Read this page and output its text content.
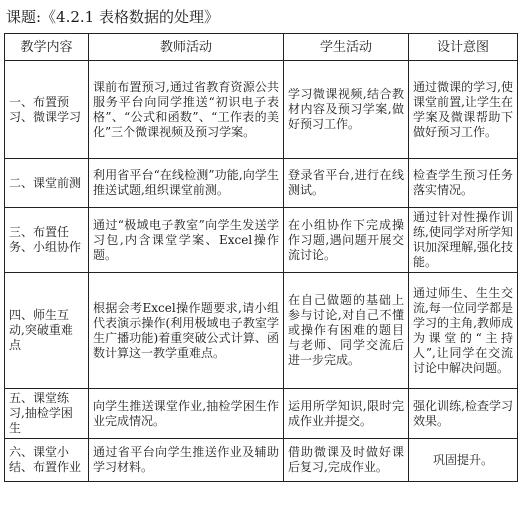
课题:《4.2.1 表格数据的处理》
教学内容	教师活动	学生活动	设计意图
一、布置预习、微课学习	课前布置预习,通过省教育资源公共服务平台向同学推送“初识电子表格”、“公式和函数”、“工作表的美化”三个微课视频及预习学案。	学习微课视频,结合教材内容及预习学案,做好预习工作。	通过微课的学习,使课堂前置,让学生在学案及微课帮助下做好预习工作。
二、课堂前测	利用省平台“在线检测”功能,向学生推送试题,组织课堂前测。	登录省平台,进行在线测试。	检查学生预习任务落实情况。
三、布置任务、小组协作	通过“极域电子教室”向学生发送学习包,内含课堂学案、Excel操作题。	在小组协作下完成操作习题,遇问题开展交流讨论。	通过针对性操作训练,使同学对所学知识加深理解,强化技能。
四、师生互动,突破重难点	根据会考Excel操作题要求,请小组代表演示操作(利用极域电子教室学生广播功能)着重突破公式计算、函数计算这一教学重难点。	在自己做题的基础上参与讨论,对自己不懂或操作有困难的题目与老师、同学交流后进一步完成。	通过师生、生生交流,每一位同学都是学习的主角,教师成为课堂的“主持人”,让同学在交流讨论中解决问题。
五、课堂练习,抽检学困生	向学生推送课堂作业,抽检学困生作业完成情况。	运用所学知识,限时完成作业并提交。	强化训练,检查学习效果。
六、课堂小结、布置作业	通过省平台向学生推送作业及辅助学习材料。	借助微课及时做好课后复习,完成作业。	巩固提升。
